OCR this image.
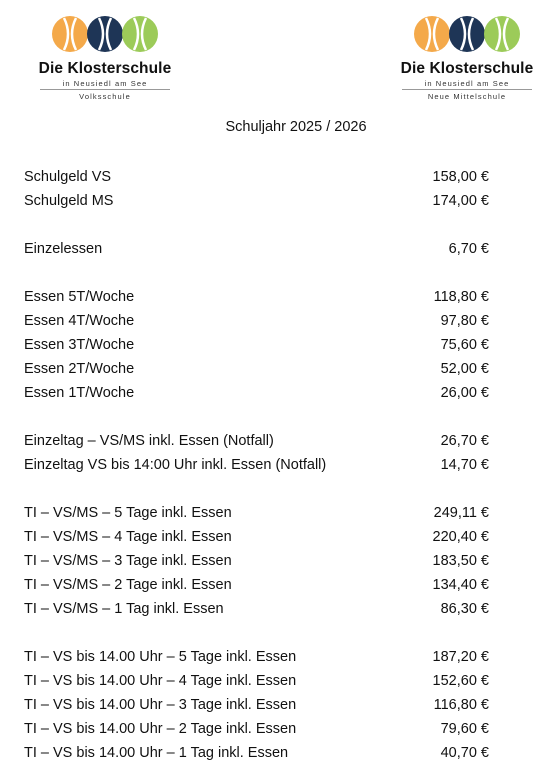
Die Klosterschule
in Neusiedl am See
Volksschule
Die Klosterschule
in Neusiedl am See
Neue Mittelschule
Schuljahr 2025 / 2026
Schulgeld VS	158,00 €
Schulgeld MS	174,00 €
Einzelessen	6,70 €
Essen 5T/Woche	118,80 €
Essen 4T/Woche	97,80 €
Essen 3T/Woche	75,60 €
Essen 2T/Woche	52,00 €
Essen 1T/Woche	26,00 €
Einzeltag – VS/MS inkl. Essen (Notfall)	26,70 €
Einzeltag VS bis 14:00 Uhr inkl. Essen (Notfall)	14,70 €
TI – VS/MS – 5 Tage inkl. Essen	249,11 €
TI – VS/MS – 4 Tage inkl. Essen	220,40 €
TI – VS/MS – 3 Tage inkl. Essen	183,50 €
TI – VS/MS – 2 Tage inkl. Essen	134,40 €
TI – VS/MS – 1 Tag inkl. Essen	86,30 €
TI – VS bis 14.00 Uhr – 5 Tage inkl. Essen	187,20 €
TI – VS bis 14.00 Uhr – 4 Tage inkl. Essen	152,60 €
TI – VS bis 14.00 Uhr – 3 Tage inkl. Essen	116,80 €
TI – VS bis 14.00 Uhr – 2 Tage inkl. Essen	79,60 €
TI – VS bis 14.00 Uhr – 1 Tag inkl. Essen	40,70 €
